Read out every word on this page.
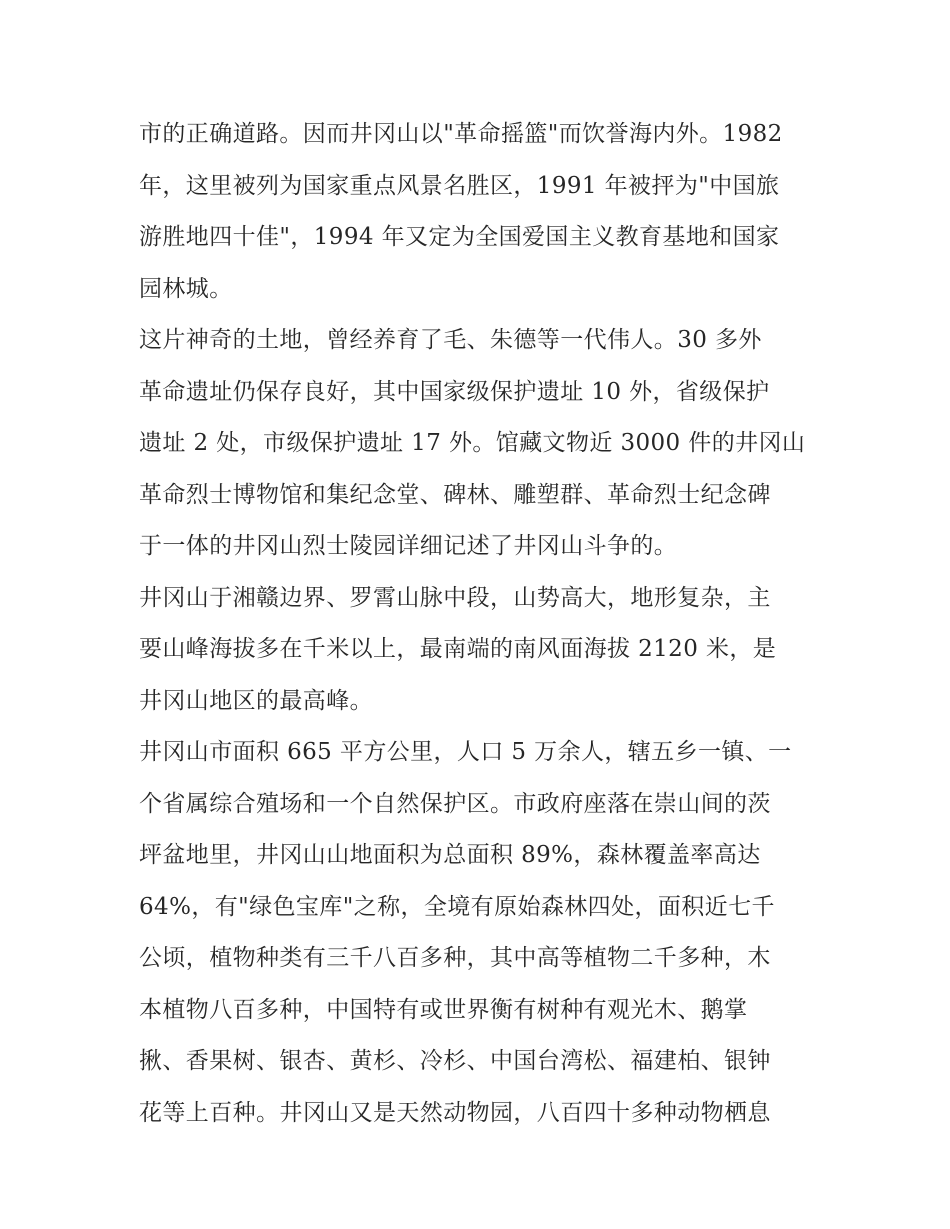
市的正确道路。因而井冈山以"革命摇篮"而饮誉海内外。1982
年，这里被列为国家重点风景名胜区，1991 年被抨为"中国旅
游胜地四十佳"，1994 年又定为全国爱国主义教育基地和国家
园林城。
这片神奇的土地，曾经养育了毛、朱德等一代伟人。30 多外
革命遗址仍保存良好，其中国家级保护遗址 10 外，省级保护
遗址 2 处，市级保护遗址 17 外。馆藏文物近 3000 件的井冈山
革命烈士博物馆和集纪念堂、碑林、雕塑群、革命烈士纪念碑
于一体的井冈山烈士陵园详细记述了井冈山斗争的。
井冈山于湘赣边界、罗霄山脉中段，山势高大，地形复杂，主
要山峰海拔多在千米以上，最南端的南风面海拔 2120 米，是
井冈山地区的最高峰。
井冈山市面积 665 平方公里，人口 5 万余人，辖五乡一镇、一
个省属综合殖场和一个自然保护区。市政府座落在崇山间的茨
坪盆地里，井冈山山地面积为总面积 89%，森林覆盖率高达
64%，有"绿色宝库"之称，全境有原始森林四处，面积近七千
公顷，植物种类有三千八百多种，其中高等植物二千多种，木
本植物八百多种，中国特有或世界衡有树种有观光木、鹅掌
揪、香果树、银杏、黄杉、冷杉、中国台湾松、福建柏、银钟
花等上百种。井冈山又是天然动物园，八百四十多种动物栖息
